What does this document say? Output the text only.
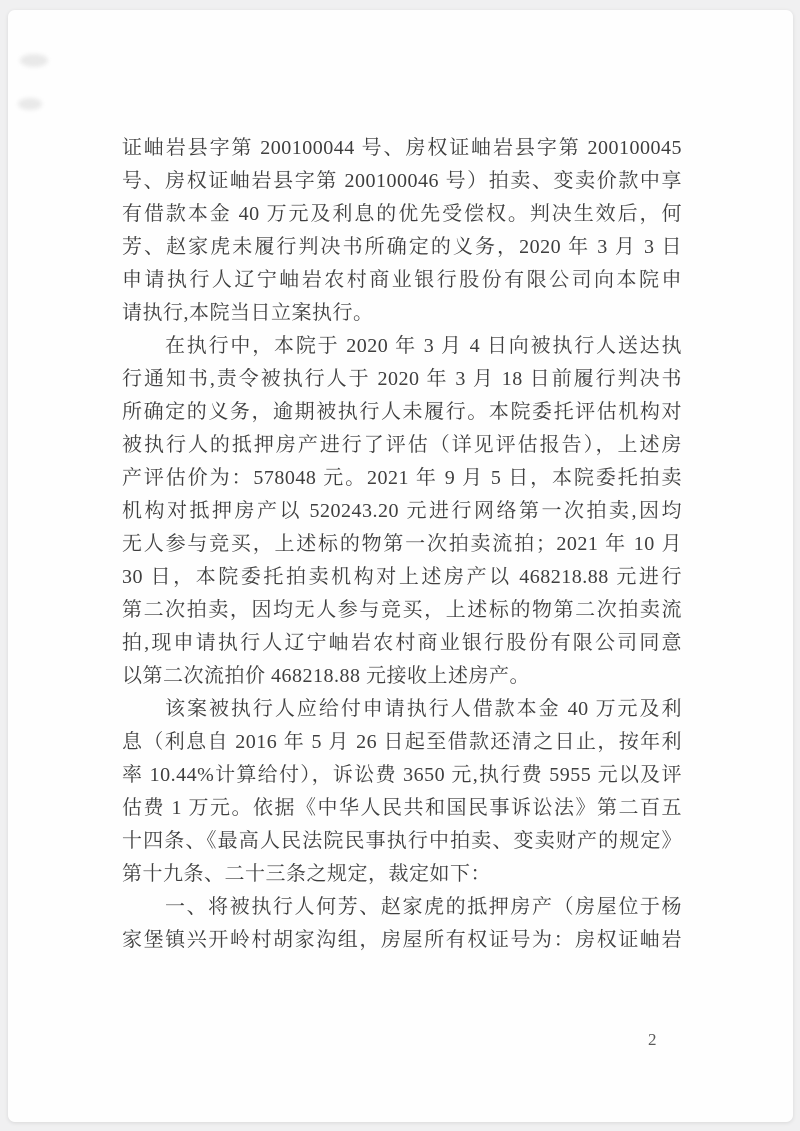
证岫岩县字第 200100044 号、房权证岫岩县字第 200100045
号、房权证岫岩县字第 200100046 号）拍卖、变卖价款中享
有借款本金 40 万元及利息的优先受偿权。判决生效后，何
芳、赵家虎未履行判决书所确定的义务，2020 年 3 月 3 日
申请执行人辽宁岫岩农村商业银行股份有限公司向本院申
请执行,本院当日立案执行。
在执行中，本院于 2020 年 3 月 4 日向被执行人送达执
行通知书,责令被执行人于 2020 年 3 月 18 日前履行判决书
所确定的义务，逾期被执行人未履行。本院委托评估机构对
被执行人的抵押房产进行了评估（详见评估报告），上述房
产评估价为：578048 元。2021 年 9 月 5 日，本院委托拍卖
机构对抵押房产以 520243.20 元进行网络第一次拍卖,因均
无人参与竞买，上述标的物第一次拍卖流拍；2021 年 10 月
30 日，本院委托拍卖机构对上述房产以 468218.88 元进行
第二次拍卖，因均无人参与竞买，上述标的物第二次拍卖流
拍,现申请执行人辽宁岫岩农村商业银行股份有限公司同意
以第二次流拍价 468218.88 元接收上述房产。
该案被执行人应给付申请执行人借款本金 40 万元及利
息（利息自 2016 年 5 月 26 日起至借款还清之日止，按年利
率 10.44%计算给付），诉讼费 3650 元,执行费 5955 元以及评
估费 1 万元。依据《中华人民共和国民事诉讼法》第二百五
十四条、《最高人民法院民事执行中拍卖、变卖财产的规定》
第十九条、二十三条之规定，裁定如下：
一、将被执行人何芳、赵家虎的抵押房产（房屋位于杨
家堡镇兴开岭村胡家沟组，房屋所有权证号为：房权证岫岩
2
